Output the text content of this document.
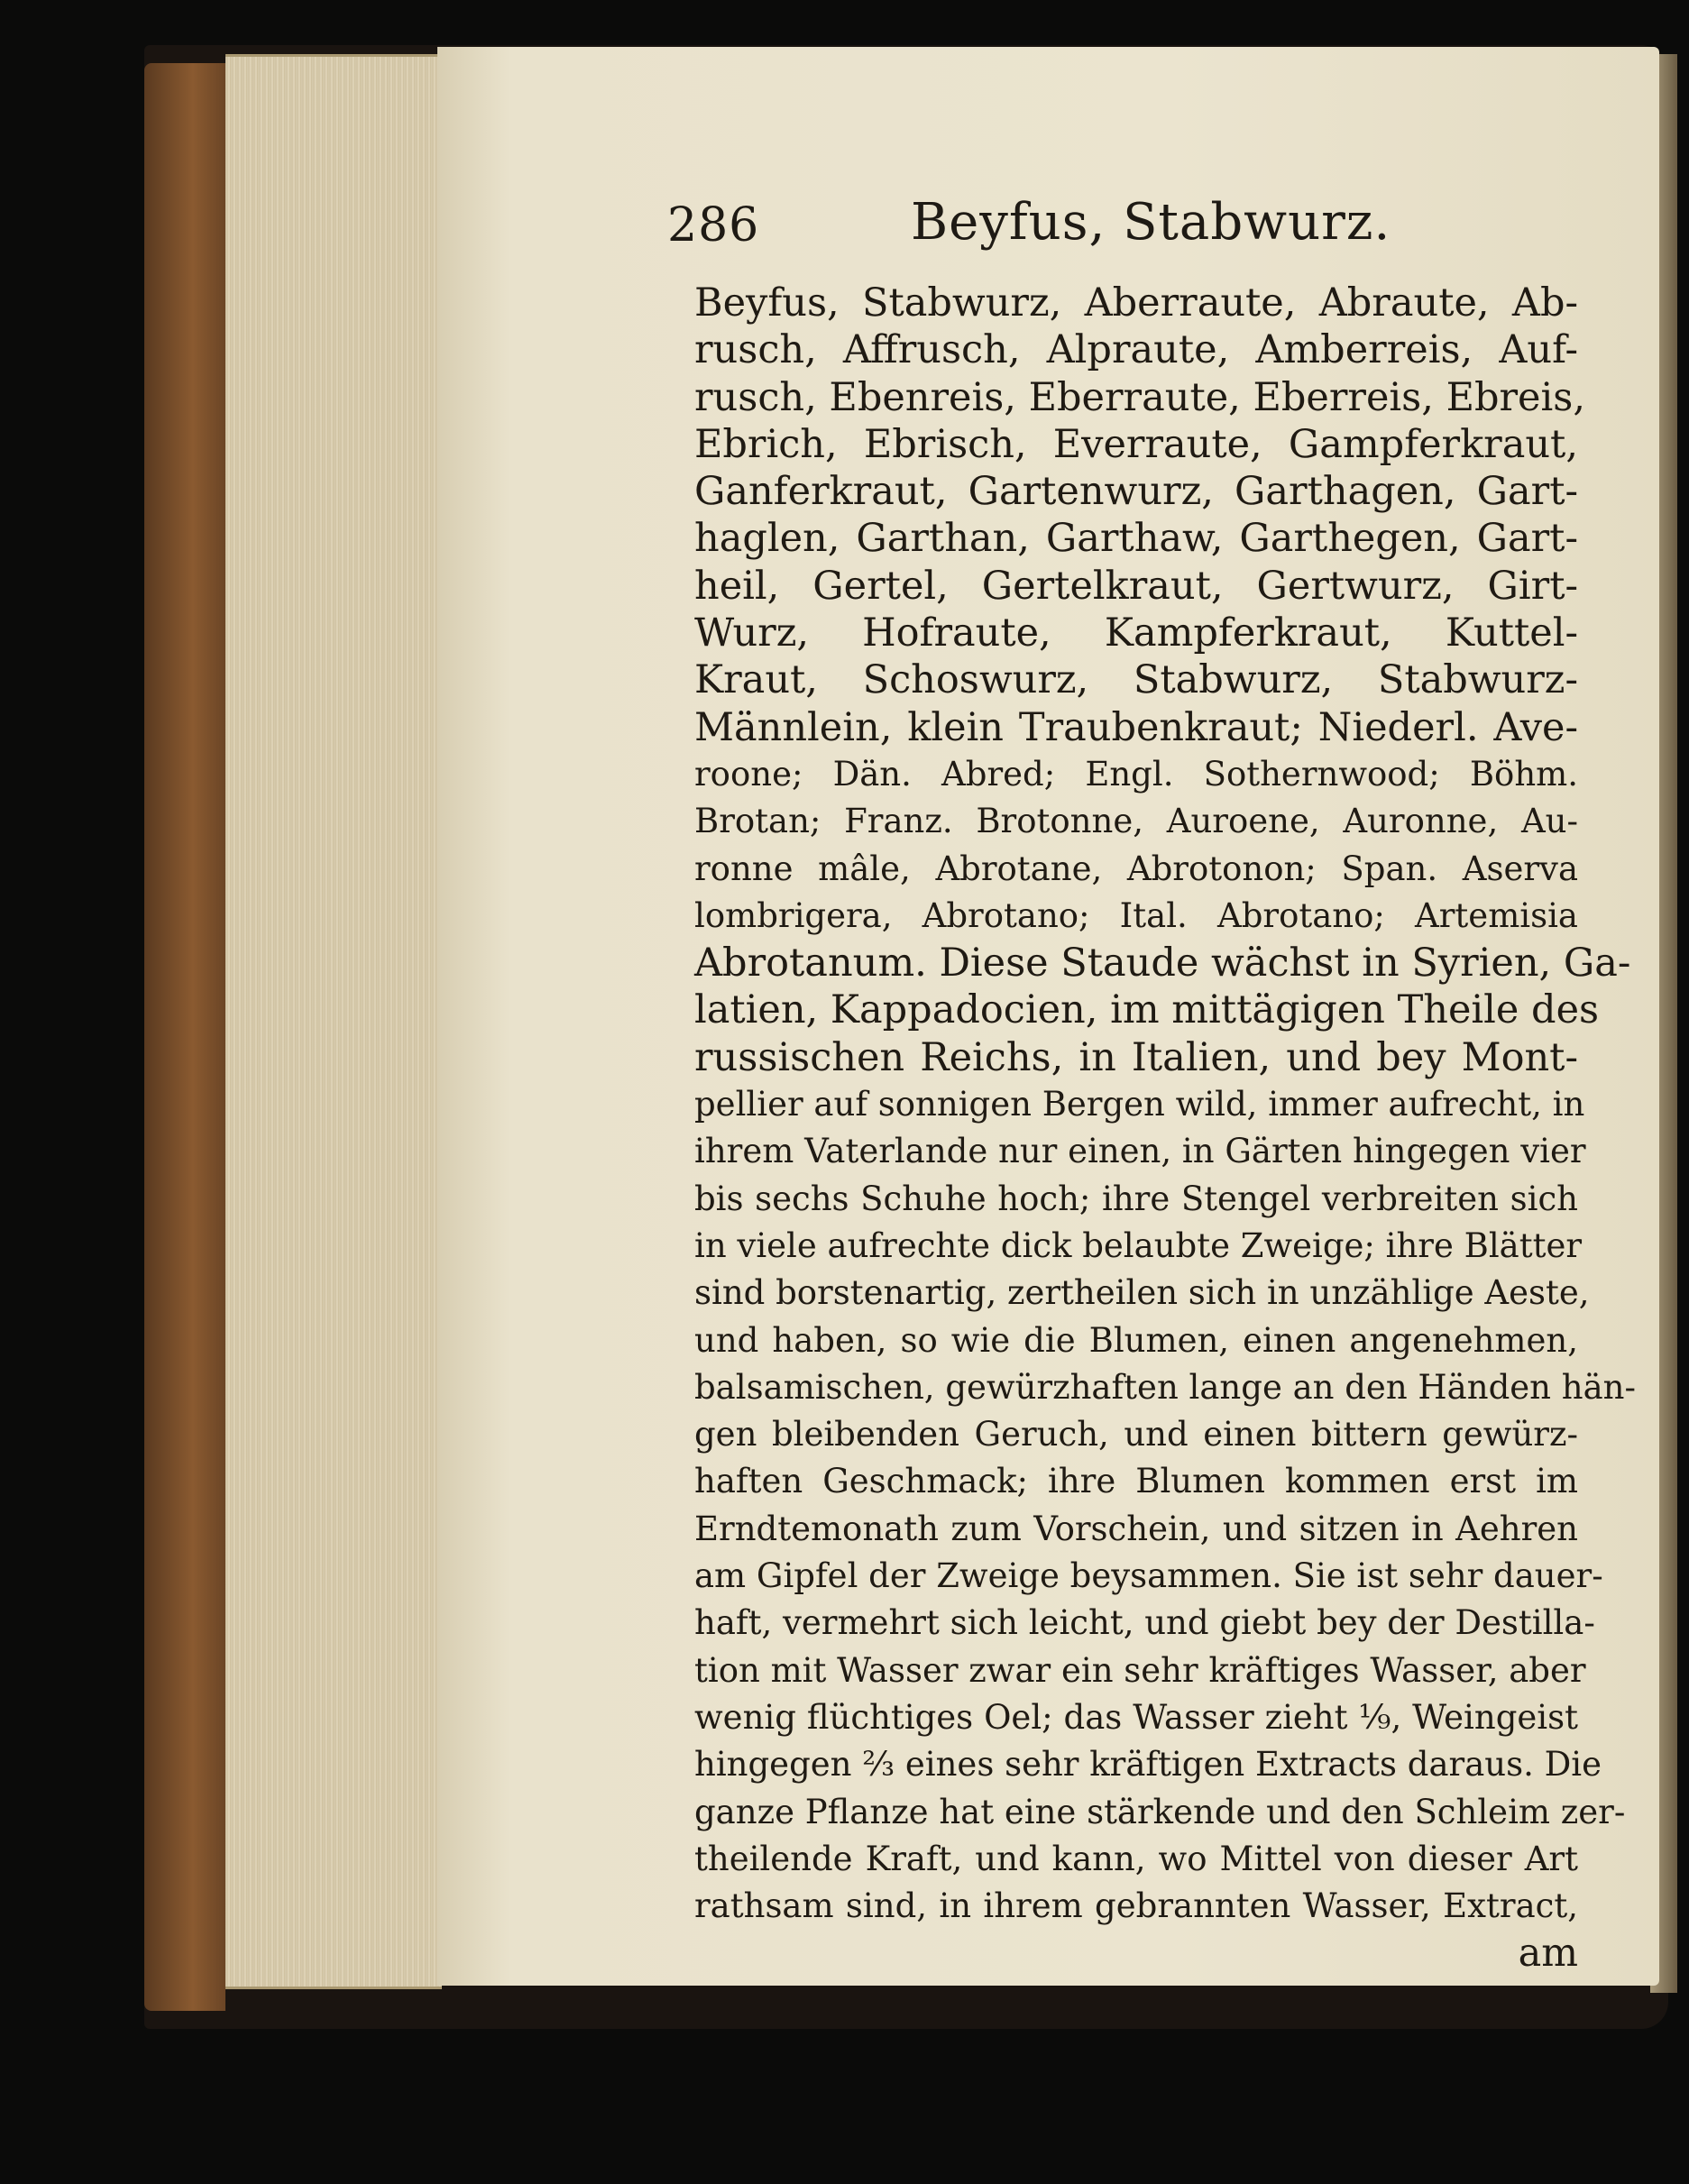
286	Beyfus, Stabwurz.
Beyfus, Stabwurz, Aberraute, Abraute, Ab-
rusch, Affrusch, Alpraute, Amberreis, Auf-
rusch, Ebenreis, Eberraute, Eberreis, Ebreis,
Ebrich, Ebrisch, Everraute, Gampferkraut,
Ganferkraut, Gartenwurz, Garthagen, Gart-
haglen, Garthan, Garthaw, Garthegen, Gart-
heil, Gertel, Gertelkraut, Gertwurz, Girt-
Wurz, Hofraute, Kampferkraut, Kuttel-
Kraut, Schoswurz, Stabwurz, Stabwurz-
Männlein, klein Traubenkraut; Niederl. Ave-
roone; Dän. Abred; Engl. Sothernwood; Böhm.
Brotan; Franz. Brotonne, Auroene, Auronne, Au-
ronne mâle, Abrotane, Abrotonon; Span. Aserva
lombrigera, Abrotano; Ital. Abrotano; Artemisia
Abrotanum. Diese Staude wächst in Syrien, Ga-
latien, Kappadocien, im mittägigen Theile des
russischen Reichs, in Italien, und bey Mont-
pellier auf sonnigen Bergen wild, immer aufrecht, in
ihrem Vaterlande nur einen, in Gärten hingegen vier
bis sechs Schuhe hoch; ihre Stengel verbreiten sich
in viele aufrechte dick belaubte Zweige; ihre Blätter
sind borstenartig, zertheilen sich in unzählige Aeste,
und haben, so wie die Blumen, einen angenehmen,
balsamischen, gewürzhaften lange an den Händen hän-
gen bleibenden Geruch, und einen bittern gewürz-
haften Geschmack; ihre Blumen kommen erst im
Erndtemonath zum Vorschein, und sitzen in Aehren
am Gipfel der Zweige beysammen. Sie ist sehr dauer-
haft, vermehrt sich leicht, und giebt bey der Destilla-
tion mit Wasser zwar ein sehr kräftiges Wasser, aber
wenig flüchtiges Oel; das Wasser zieht ⅑, Weingeist
hingegen ⅔ eines sehr kräftigen Extracts daraus. Die
ganze Pflanze hat eine stärkende und den Schleim zer-
theilende Kraft, und kann, wo Mittel von dieser Art
rathsam sind, in ihrem gebrannten Wasser, Extract,
am
